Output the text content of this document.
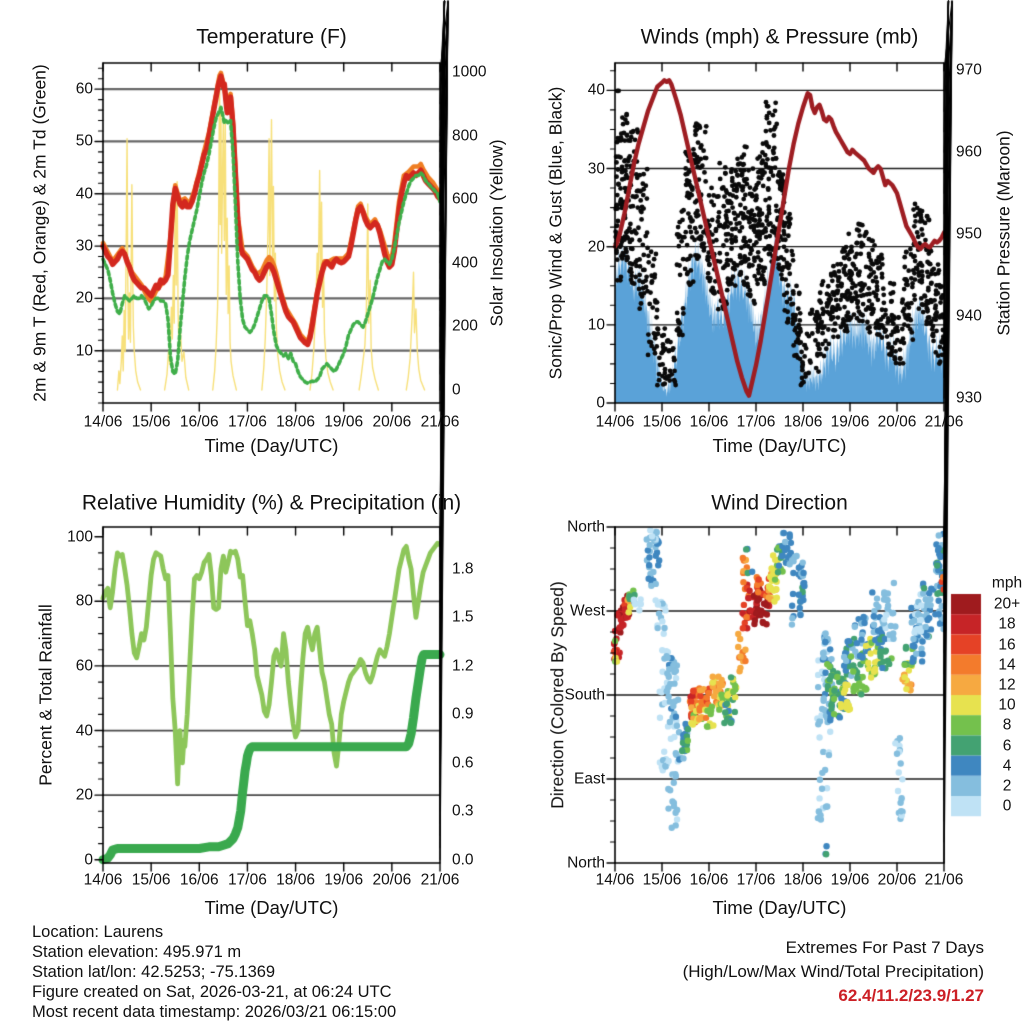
Temperature (F)
14/06 15/06 16/06 17/06 18/06 19/06 20/06 21/06
Time (Day/UTC)
10
20
30
40
50
60
2m & 9m T (Red, Orange) & 2m Td (Green)	0
200
400
600
800
1000
Solar Insolation (Yellow)
Winds (mph) & Pressure (mb)
14/06 15/06 16/06 17/06 18/06 19/06 20/06 21/06
Time (Day/UTC)
0
10
20
30
40
Sonic/Prop Wind & Gust (Blue, Black)
930
940
950
960
970
Station Pressure (Maroon)
Relative Humidity (%) & Precipitation (in)
14/06 15/06 16/06 17/06 18/06 19/06 20/06 21/06
Time (Day/UTC)
0
20
40
60
80
100
Percent & Total Rainfall
0.0
0.3
0.6
0.9
1.2
1.5
1.8
Wind Direction
14/06 15/06 16/06 17/06 18/06 19/06 20/06 21/06
Time (Day/UTC)
North
West
South
East
North
Direction (Colored By Speed)	mph
20+
18
16
14
12
10
8
6
4
2
0
Location: Laurens
Station elevation: 495.971 m
Station lat/lon: 42.5253; -75.1369
Figure created on Sat, 2026-03-21, at 06:24 UTC
Most recent data timestamp: 2026/03/21 06:15:00
Extremes For Past 7 Days
(High/Low/Max Wind/Total Precipitation)
62.4/11.2/23.9/1.27
